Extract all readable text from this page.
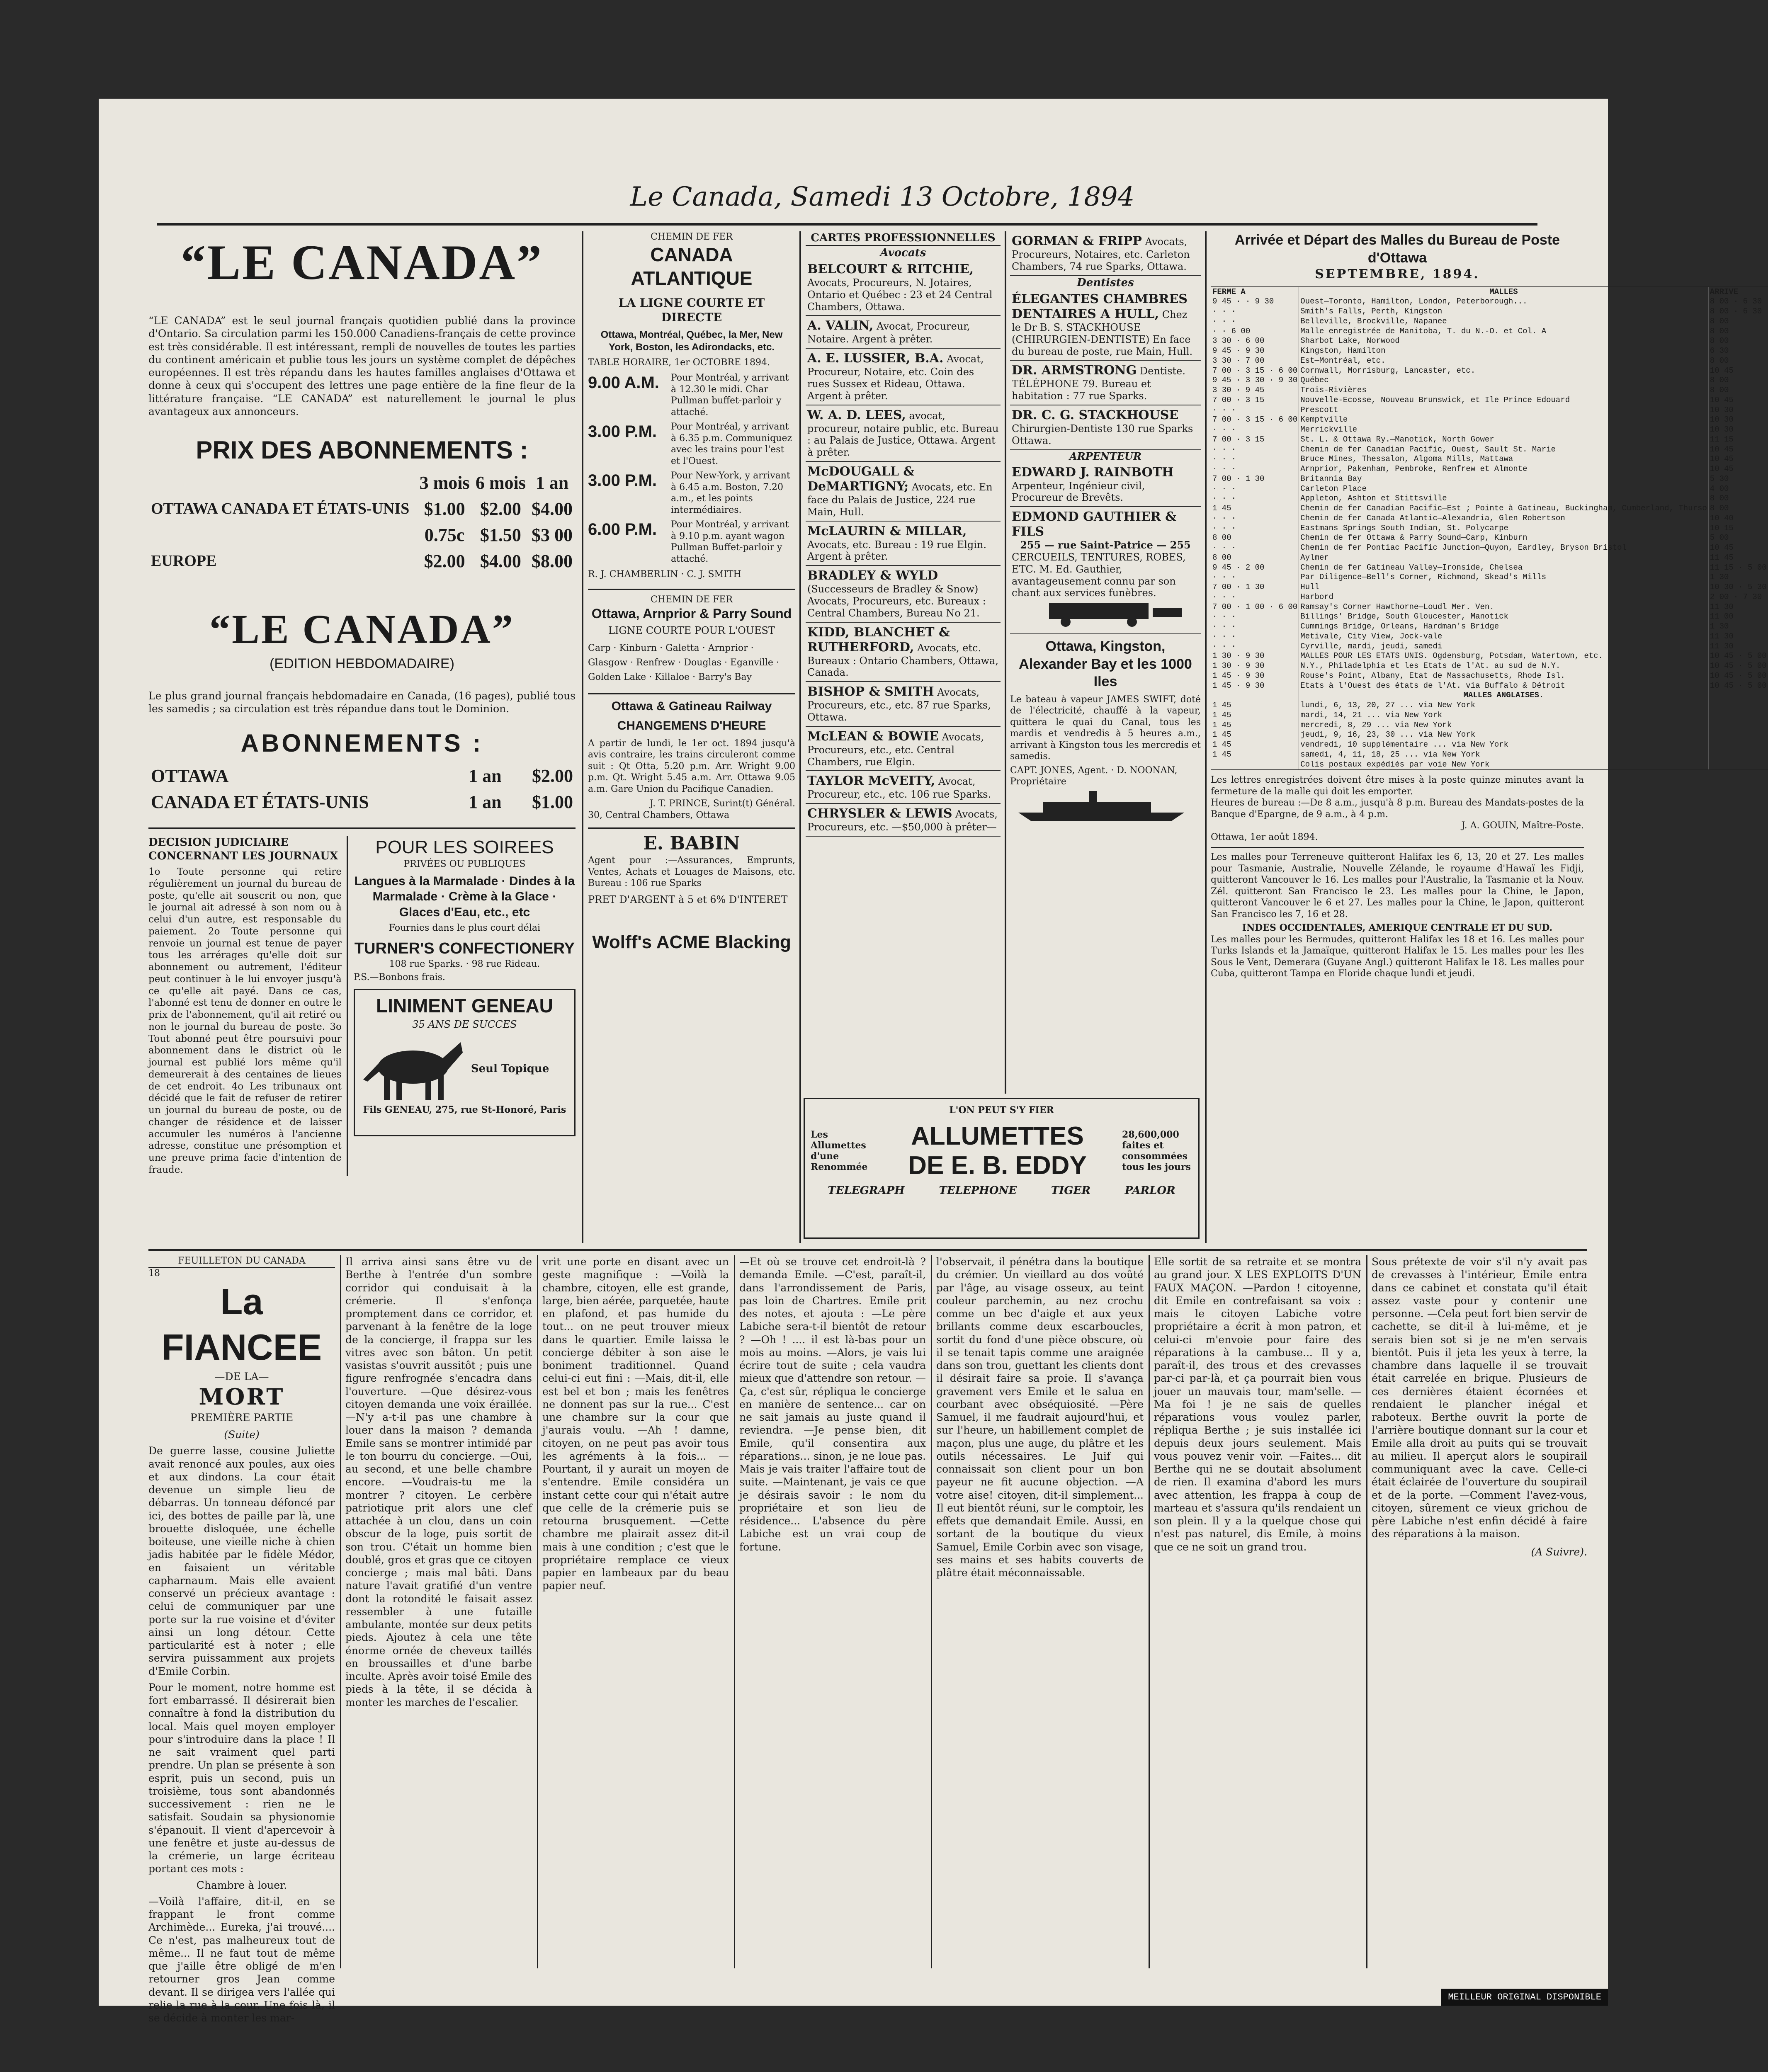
Le Canada, Samedi 13 Octobre, 1894
“LE CANADA”
“LE CANADA” est le seul journal français quotidien publié dans la province d'Ontario. Sa circulation parmi les 150.000 Canadiens-français de cette province est très considérable. Il est intéressant, rempli de nouvelles de toutes les parties du continent américain et publie tous les jours un système complet de dépêches européennes. Il est très répandu dans les hautes familles anglaises d'Ottawa et donne à ceux qui s'occupent des lettres une page entière de la fine fleur de la littérature française. “LE CANADA” est naturellement le journal le plus avantageux aux annonceurs.
PRIX DES ABONNEMENTS :
	3 mois	6 mois	1 an
OTTAWA CANADA ET ÉTATS-UNIS	$1.00	$2.00	$4.00
	0.75c	$1.50	$3 00
EUROPE	$2.00	$4.00	$8.00
“LE CANADA”
(EDITION HEBDOMADAIRE)
Le plus grand journal français hebdomadaire en Canada, (16 pages), publié tous les samedis ; sa circulation est très répandue dans tout le Dominion.
ABONNEMENTS :
OTTAWA	1 an	$2.00
CANADA ET ÉTATS-UNIS	1 an	$1.00
DECISION JUDICIAIRE CONCERNANT LES JOURNAUX
1o Toute personne qui retire régulièrement un journal du bureau de poste, qu'elle ait souscrit ou non, que le journal ait adressé à son nom ou à celui d'un autre, est responsable du paiement. 2o Toute personne qui renvoie un journal est tenue de payer tous les arrérages qu'elle doit sur abonnement ou autrement, l'éditeur peut continuer à le lui envoyer jusqu'à ce qu'elle ait payé. Dans ce cas, l'abonné est tenu de donner en outre le prix de l'abonnement, qu'il ait retiré ou non le journal du bureau de poste. 3o Tout abonné peut être poursuivi pour abonnement dans le district où le journal est publié lors même qu'il demeurerait à des centaines de lieues de cet endroit. 4o Les tribunaux ont décidé que le fait de refuser de retirer un journal du bureau de poste, ou de changer de résidence et de laisser accumuler les numéros à l'ancienne adresse, constitue une présomption et une preuve prima facie d'intention de fraude.
POUR LES SOIREES
PRIVÉES OU PUBLIQUES
Langues à la Marmalade · Dindes à la Marmalade · Crème à la Glace · Glaces d'Eau, etc., etc
Fournies dans le plus court délai
TURNER'S CONFECTIONERY
108 rue Sparks. · 98 rue Rideau.
P.S.—Bonbons frais.
LINIMENT GENEAU
35 ANS DE SUCCES
Seul Topique
Fils GENEAU, 275, rue St-Honoré, Paris
CHEMIN DE FER
CANADA ATLANTIQUE
LA LIGNE COURTE ET DIRECTE
Ottawa, Montréal, Québec, la Mer, New York, Boston, les Adirondacks, etc.
TABLE HORAIRE, 1er OCTOBRE 1894.
9.00 A.M.	Pour Montréal, y arrivant à 12.30 le midi. Char Pullman buffet-parloir y attaché.
3.00 P.M.	Pour Montréal, y arrivant à 6.35 p.m. Communiquez avec les trains pour l'est et l'Ouest.
3.00 P.M.	Pour New-York, y arrivant à 6.45 a.m. Boston, 7.20 a.m., et les points intermédiaires.
6.00 P.M.	Pour Montréal, y arrivant à 9.10 p.m. ayant wagon Pullman Buffet-parloir y attaché.
R. J. CHAMBERLIN · C. J. SMITH
CHEMIN DE FER
Ottawa, Arnprior & Parry Sound
LIGNE COURTE POUR L'OUEST
Carp · Kinburn · Galetta · Arnprior · Glasgow · Renfrew · Douglas · Eganville · Golden Lake · Killaloe · Barry's Bay
Ottawa & Gatineau Railway
CHANGEMENS D'HEURE
A partir de lundi, le 1er oct. 1894 jusqu'à avis contraire, les trains circuleront comme suit : Qt Otta, 5.20 p.m. Arr. Wright 9.00 p.m. Qt. Wright 5.45 a.m. Arr. Ottawa 9.05 a.m. Gare Union du Pacifique Canadien.
J. T. PRINCE, Surint(t) Général.
30, Central Chambers, Ottawa
E. BABIN
Agent pour :—Assurances, Emprunts, Ventes, Achats et Louages de Maisons, etc. Bureau : 106 rue Sparks
PRET D'ARGENT à 5 et 6% D'INTERET
Wolff's ACME Blacking
CARTES PROFESSIONNELLES
Avocats
BELCOURT & RITCHIE, Avocats, Procureurs, N. Jotaires, Ontario et Québec : 23 et 24 Central Chambers, Ottawa.
A. VALIN, Avocat, Procureur, Notaire. Argent à prêter.
A. E. LUSSIER, B.A. Avocat, Procureur, Notaire, etc. Coin des rues Sussex et Rideau, Ottawa. Argent à prêter.
W. A. D. LEES, avocat, procureur, notaire public, etc. Bureau : au Palais de Justice, Ottawa. Argent à prêter.
McDOUGALL & DeMARTIGNY; Avocats, etc. En face du Palais de Justice, 224 rue Main, Hull.
McLAURIN & MILLAR, Avocats, etc. Bureau : 19 rue Elgin. Argent à prêter.
BRADLEY & WYLD (Successeurs de Bradley & Snow) Avocats, Procureurs, etc. Bureaux : Central Chambers, Bureau No 21.
KIDD, BLANCHET & RUTHERFORD, Avocats, etc. Bureaux : Ontario Chambers, Ottawa, Canada.
BISHOP & SMITH Avocats, Procureurs, etc., etc. 87 rue Sparks, Ottawa.
McLEAN & BOWIE Avocats, Procureurs, etc., etc. Central Chambers, rue Elgin.
TAYLOR McVEITY, Avocat, Procureur, etc., etc. 106 rue Sparks.
CHRYSLER & LEWIS Avocats, Procureurs, etc. —$50,000 à prêter—
GORMAN & FRIPP Avocats, Procureurs, Notaires, etc. Carleton Chambers, 74 rue Sparks, Ottawa.
Dentistes
ÉLEGANTES CHAMBRES DENTAIRES A HULL, Chez le Dr B. S. STACKHOUSE (CHIRURGIEN-DENTISTE) En face du bureau de poste, rue Main, Hull.
DR. ARMSTRONG Dentiste. TÉLÉPHONE 79. Bureau et habitation : 77 rue Sparks.
DR. C. G. STACKHOUSE Chirurgien-Dentiste 130 rue Sparks Ottawa.
ARPENTEUR
EDWARD J. RAINBOTH Arpenteur, Ingénieur civil, Procureur de Brevêts.
EDMOND GAUTHIER & FILS
255 — rue Saint-Patrice — 255
CERCUEILS, TENTURES, ROBES, ETC. M. Ed. Gauthier, avantageusement connu par son chant aux services funèbres.
Ottawa, Kingston, Alexander Bay et les 1000 Iles
Le bateau à vapeur JAMES SWIFT, doté de l'électricité, chauffé à la vapeur, quittera le quai du Canal, tous les mardis et vendredis à 5 heures a.m., arrivant à Kingston tous les mercredis et samedis.
CAPT. JONES, Agent. · D. NOONAN, Propriétaire
L'ON PEUT S'Y FIER
Les Allumettes d'une Renommée
ALLUMETTES
DE E. B. EDDY
28,600,000 faites et consommées tous les jours
TELEGRAPH	TELEPHONE	TIGER	PARLOR
Arrivée et Départ des Malles du Bureau de Poste d'Ottawa
SEPTEMBRE, 1894.
FERME A	MALLES	ARRIVE
9 45 · · 9 30	Ouest—Toronto, Hamilton, London, Peterborough...	8 00 · 6 30
· · ·	Smith's Falls, Perth, Kingston	8 00 · 6 30
· · ·	Belleville, Brockville, Napanee	8 00
· · 6 00	Malle enregistrée de Manitoba, T. du N.-O. et Col. A	8 00
3 30 · 6 00	Sharbot Lake, Norwood	8 00
9 45 · 9 30	Kingston, Hamilton	6 30
3 30 · 7 00	Est—Montréal, etc.	8 00
7 00 · 3 15 · 6 00	Cornwall, Morrisburg, Lancaster, etc.	10 45
9 45 · 3 30 · 9 30	Québec	8 00
3 30 · 9 45	Trois-Rivières	8 00
7 00 · 3 15	Nouvelle-Ecosse, Nouveau Brunswick, et Ile Prince Edouard	10 45
· · ·	Prescott	10 30
7 00 · 3 15 · 6 00	Kemptville	10 30
· · ·	Merrickville	10 30
7 00 · 3 15	St. L. & Ottawa Ry.—Manotick, North Gower	11 15
· · ·	Chemin de fer Canadian Pacific, Ouest, Sault St. Marie	10 45
· · ·	Bruce Mines, Thessalon, Algoma Mills, Mattawa	10 45
· · ·	Arnprior, Pakenham, Pembroke, Renfrew et Almonte	10 45
7 00 · 1 30	Britannia Bay	5 30
· · ·	Carleton Place	4 00
· · ·	Appleton, Ashton et Stittsville	8 00
1 45	Chemin de fer Canadian Pacific—Est ; Pointe à Gatineau, Buckingham, Cumberland, Thurso	8 00
· · ·	Chemin de fer Canada Atlantic—Alexandria, Glen Robertson	10 40
· · ·	Eastmans Springs South Indian, St. Polycarpe	10 15
8 00	Chemin de fer Ottawa & Parry Sound—Carp, Kinburn	5 00
· · ·	Chemin de fer Pontiac Pacific Junction—Quyon, Eardley, Bryson Bristol	10 45
8 00	Aylmer	11 45
9 45 · 2 00	Chemin de fer Gatineau Valley—Ironside, Chelsea	11 15 · 5 00
· · ·	Par Diligence—Bell's Corner, Richmond, Skead's Mills	1 30
7 00 · 1 30	Hull	10 30 · 5 30
· · ·	Harbord	2 00 · 7 30
7 00 · 1 00 · 6 00	Ramsay's Corner Hawthorne—Loudl Mer. Ven.	11 30
· · ·	Billings' Bridge, South Gloucester, Manotick	11 00
· · ·	Cummings Bridge, Orleans, Hardman's Bridge	1 30
· · ·	Metivale, City View, Jock-vale	11 30
· · ·	Cyrville, mardi, jeudi, samedi	11 30
1 30 · 9 30	MALLES POUR LES ETATS UNIS. Ogdensburg, Potsdam, Watertown, etc.	10 45 · 5 00
1 30 · 9 30	N.Y., Philadelphia et les Etats de l'At. au sud de N.Y.	10 45 · 5 00
1 45 · 9 30	Rouse's Point, Albany, Etat de Massachusetts, Rhode Isl.	10 45 · 5 00
1 45 · 9 30	Etats à l'Ouest des états de l'At. via Buffalo & Détroit	10 45 · 5 00
	MALLES ANGLAISES.	
1 45	lundi, 6, 13, 20, 27 ... via New York	
1 45	mardi, 14, 21 ... via New York	
1 45	mercredi, 8, 29 ... via New York	
1 45	jeudi, 9, 16, 23, 30 ... via New York	
1 45	vendredi, 10 supplémentaire ... via New York	
1 45	samedi, 4, 11, 18, 25 ... via New York	
	Colis postaux expédiés par voie New York	
Les lettres enregistrées doivent être mises à la poste quinze minutes avant la fermeture de la malle qui doit les emporter.
Heures de bureau :—De 8 a.m., jusqu'à 8 p.m. Bureau des Mandats-postes de la Banque d'Epargne, de 9 a.m., à 4 p.m.
J. A. GOUIN, Maître-Poste.
Ottawa, 1er août 1894.
Les malles pour Terreneuve quitteront Halifax les 6, 13, 20 et 27. Les malles pour Tasmanie, Australie, Nouvelle Zélande, le royaume d'Hawaï les Fidji, quitteront Vancouver le 16. Les malles pour l'Australie, la Tasmanie et la Nouv. Zél. quitteront San Francisco le 23. Les malles pour la Chine, le Japon, quitteront Vancouver le 6 et 27. Les malles pour la Chine, le Japon, quitteront San Francisco les 7, 16 et 28.
INDES OCCIDENTALES, AMERIQUE CENTRALE ET DU SUD.
Les malles pour les Bermudes, quitteront Halifax les 18 et 16. Les malles pour Turks Islands et la Jamaïque, quitteront Halifax le 15. Les malles pour les Iles Sous le Vent, Demerara (Guyane Angl.) quitteront Halifax le 18. Les malles pour Cuba, quitteront Tampa en Floride chaque lundi et jeudi.
FEUILLETON DU CANADA
18
La FIANCEE
—DE LA—
MORT
PREMIÈRE PARTIE
(Suite)

De guerre lasse, cousine Juliette avait renoncé aux poules, aux oies et aux dindons. La cour était devenue un simple lieu de débarras. Un tonneau défoncé par ici, des bottes de paille par là, une brouette disloquée, une échelle boiteuse, une vieille niche à chien jadis habitée par le fidèle Médor, en faisaient un véritable capharnaum. Mais elle avaient conservé un précieux avantage : celui de communiquer par une porte sur la rue voisine et d'éviter ainsi un long détour. Cette particularité est à noter ; elle servira puissamment aux projets d'Emile Corbin.

Pour le moment, notre homme est fort embarrassé. Il désirerait bien connaître à fond la distribution du local. Mais quel moyen employer pour s'introduire dans la place ! Il ne sait vraiment quel parti prendre. Un plan se présente à son esprit, puis un second, puis un troisième, tous sont abandonnés successivement : rien ne le satisfait. Soudain sa physionomie s'épanouit. Il vient d'apercevoir à une fenêtre et juste au-dessus de la crémerie, un large écriteau portant ces mots :

Chambre à louer.

—Voilà l'affaire, dit-il, en se frappant le front comme Archimède... Eureka, j'ai trouvé.... Ce n'est, pas malheureux tout de même... Il ne faut tout de même que j'aille être obligé de m'en retourner gros Jean comme devant. Il se dirigea vers l'allée qui relie la rue à la cour. Une fois là, il se décide à monter les mar-

Il arriva ainsi sans être vu de Berthe à l'entrée d'un sombre corridor qui conduisait à la crémerie. Il s'enfonça promptement dans ce corridor, et parvenant à la fenêtre de la loge de la concierge, il frappa sur les vitres avec son bâton. Un petit vasistas s'ouvrit aussitôt ; puis une figure renfrognée s'encadra dans l'ouverture. —Que désirez-vous citoyen demanda une voix éraillée. —N'y a-t-il pas une chambre à louer dans la maison ? demanda Emile sans se montrer intimidé par le ton bourru du concierge. —Oui, au second, et une belle chambre encore. —Voudrais-tu me la montrer ? citoyen. Le cerbère patriotique prit alors une clef attachée à un clou, dans un coin obscur de la loge, puis sortit de son trou. C'était un homme bien doublé, gros et gras que ce citoyen concierge ; mais mal bâti. Dans nature l'avait gratifié d'un ventre dont la rotondité le faisait assez ressembler à une futaille ambulante, montée sur deux petits pieds. Ajoutez à cela une tête énorme ornée de cheveux taillés en broussailles et d'une barbe inculte. Après avoir toisé Emile des pieds à la tête, il se décida à monter les marches de l'escalier.
vrit une porte en disant avec un geste magnifique : —Voilà la chambre, citoyen, elle est grande, large, bien aérée, parquetée, haute en plafond, et pas humide du tout... on ne peut trouver mieux dans le quartier. Emile laissa le concierge débiter à son aise le boniment traditionnel. Quand celui-ci eut fini : —Mais, dit-il, elle est bel et bon ; mais les fenêtres ne donnent pas sur la rue... C'est une chambre sur la cour que j'aurais voulu. —Ah ! damne, citoyen, on ne peut pas avoir tous les agréments à la fois... —Pourtant, il y aurait un moyen de s'entendre. Emile considéra un instant cette cour qui n'était autre que celle de la crémerie puis se retourna brusquement. —Cette chambre me plairait assez dit-il mais à une condition ; c'est que le propriétaire remplace ce vieux papier en lambeaux par du beau papier neuf.
—Et où se trouve cet endroit-là ? demanda Emile. —C'est, paraît-il, dans l'arrondissement de Paris, pas loin de Chartres. Emile prit des notes, et ajouta : —Le père Labiche sera-t-il bientôt de retour ? —Oh ! .... il est là-bas pour un mois au moins. —Alors, je vais lui écrire tout de suite ; cela vaudra mieux que d'attendre son retour. —Ça, c'est sûr, répliqua le concierge en manière de sentence... car on ne sait jamais au juste quand il reviendra. —Je pense bien, dit Emile, qu'il consentira aux réparations... sinon, je ne loue pas. Mais je vais traiter l'affaire tout de suite. —Maintenant, je vais ce que je désirais savoir : le nom du propriétaire et son lieu de résidence... L'absence du père Labiche est un vrai coup de fortune.
l'observait, il pénétra dans la boutique du crémier. Un vieillard au dos voûté par l'âge, au visage osseux, au teint couleur parchemin, au nez crochu comme un bec d'aigle et aux yeux brillants comme deux escarboucles, sortit du fond d'une pièce obscure, où il se tenait tapis comme une araignée dans son trou, guettant les clients dont il désirait faire sa proie. Il s'avança gravement vers Emile et le salua en courbant avec obséquiosité. —Père Samuel, il me faudrait aujourd'hui, et sur l'heure, un habillement complet de maçon, plus une auge, du plâtre et les outils nécessaires. Le Juif qui connaissait son client pour un bon payeur ne fit aucune objection. —A votre aise! citoyen, dit-il simplement... Il eut bientôt réuni, sur le comptoir, les effets que demandait Emile. Aussi, en sortant de la boutique du vieux Samuel, Emile Corbin avec son visage, ses mains et ses habits couverts de plâtre était méconnaissable.
Elle sortit de sa retraite et se montra au grand jour. X LES EXPLOITS D'UN FAUX MAÇON. —Pardon ! citoyenne, dit Emile en contrefaisant sa voix : mais le citoyen Labiche votre propriétaire a écrit à mon patron, et celui-ci m'envoie pour faire des réparations à la cambuse... Il y a, paraît-il, des trous et des crevasses par-ci par-là, et ça pourrait bien vous jouer un mauvais tour, mam'selle. —Ma foi ! je ne sais de quelles réparations vous voulez parler, répliqua Berthe ; je suis installée ici depuis deux jours seulement. Mais vous pouvez venir voir. —Faites... dit Berthe qui ne se doutait absolument de rien. Il examina d'abord les murs avec attention, les frappa à coup de marteau et s'assura qu'ils rendaient un son plein. Il y a la quelque chose qui n'est pas naturel, dis Emile, à moins que ce ne soit un grand trou.
Sous prétexte de voir s'il n'y avait pas de crevasses à l'intérieur, Emile entra dans ce cabinet et constata qu'il était assez vaste pour y contenir une personne. —Cela peut fort bien servir de cachette, se dit-il à lui-même, et je serais bien sot si je ne m'en servais bientôt. Puis il jeta les yeux à terre, la chambre dans laquelle il se trouvait était carrelée en brique. Plusieurs de ces dernières étaient écornées et rendaient le plancher inégal et raboteux. Berthe ouvrit la porte de l'arrière boutique donnant sur la cour et Emile alla droit au puits qui se trouvait au milieu. Il aperçut alors le soupirail communiquant avec la cave. Celle-ci était éclairée de l'ouverture du soupirail et de la porte. —Comment l'avez-vous, citoyen, sûrement ce vieux grichou de père Labiche n'est enfin décidé à faire des réparations à la maison.
(A Suivre).
MEILLEUR ORIGINAL DISPONIBLE
